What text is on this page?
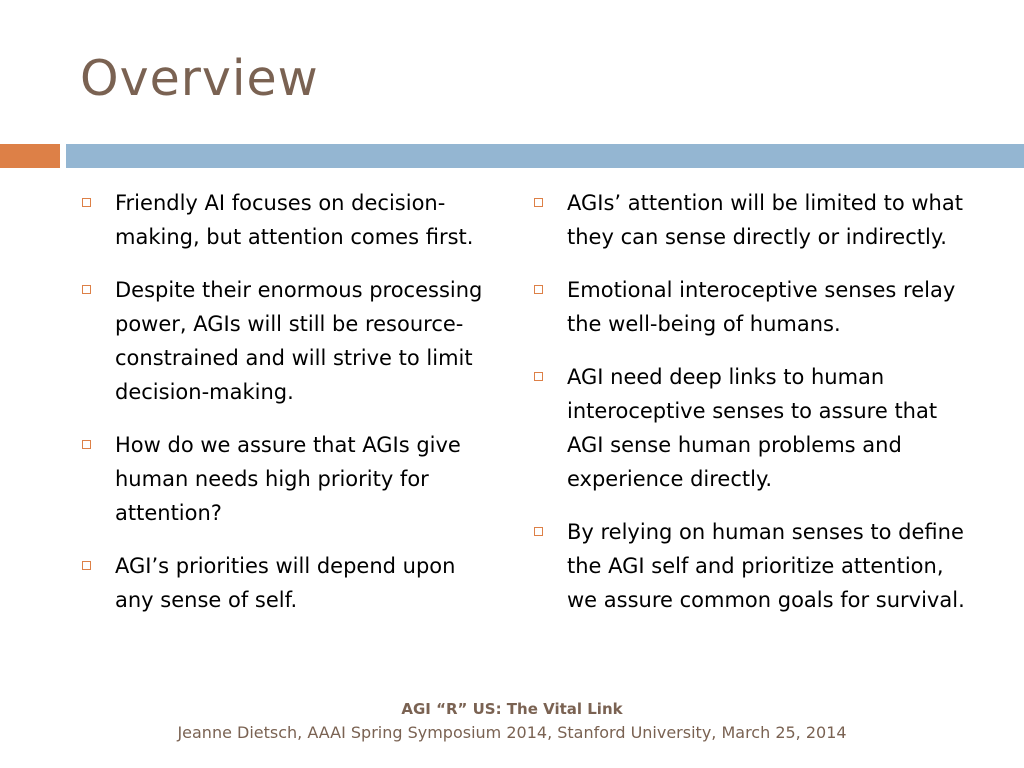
Overview
Friendly AI focuses on decision-making, but attention comes first.
Despite their enormous processing power, AGIs will still be resource-constrained and will strive to limit decision-making.
How do we assure that AGIs give human needs high priority for attention?
AGI’s priorities will depend upon any sense of self.
AGIs’ attention will be limited to what they can sense directly or indirectly.
Emotional interoceptive senses relay the well-being of humans.
AGI need deep links to human interoceptive senses to assure that AGI sense human problems and experience directly.
By relying on human senses to define the AGI self and prioritize attention, we assure common goals for survival.
AGI “R” US: The Vital Link
Jeanne Dietsch, AAAI Spring Symposium 2014, Stanford University, March 25, 2014
